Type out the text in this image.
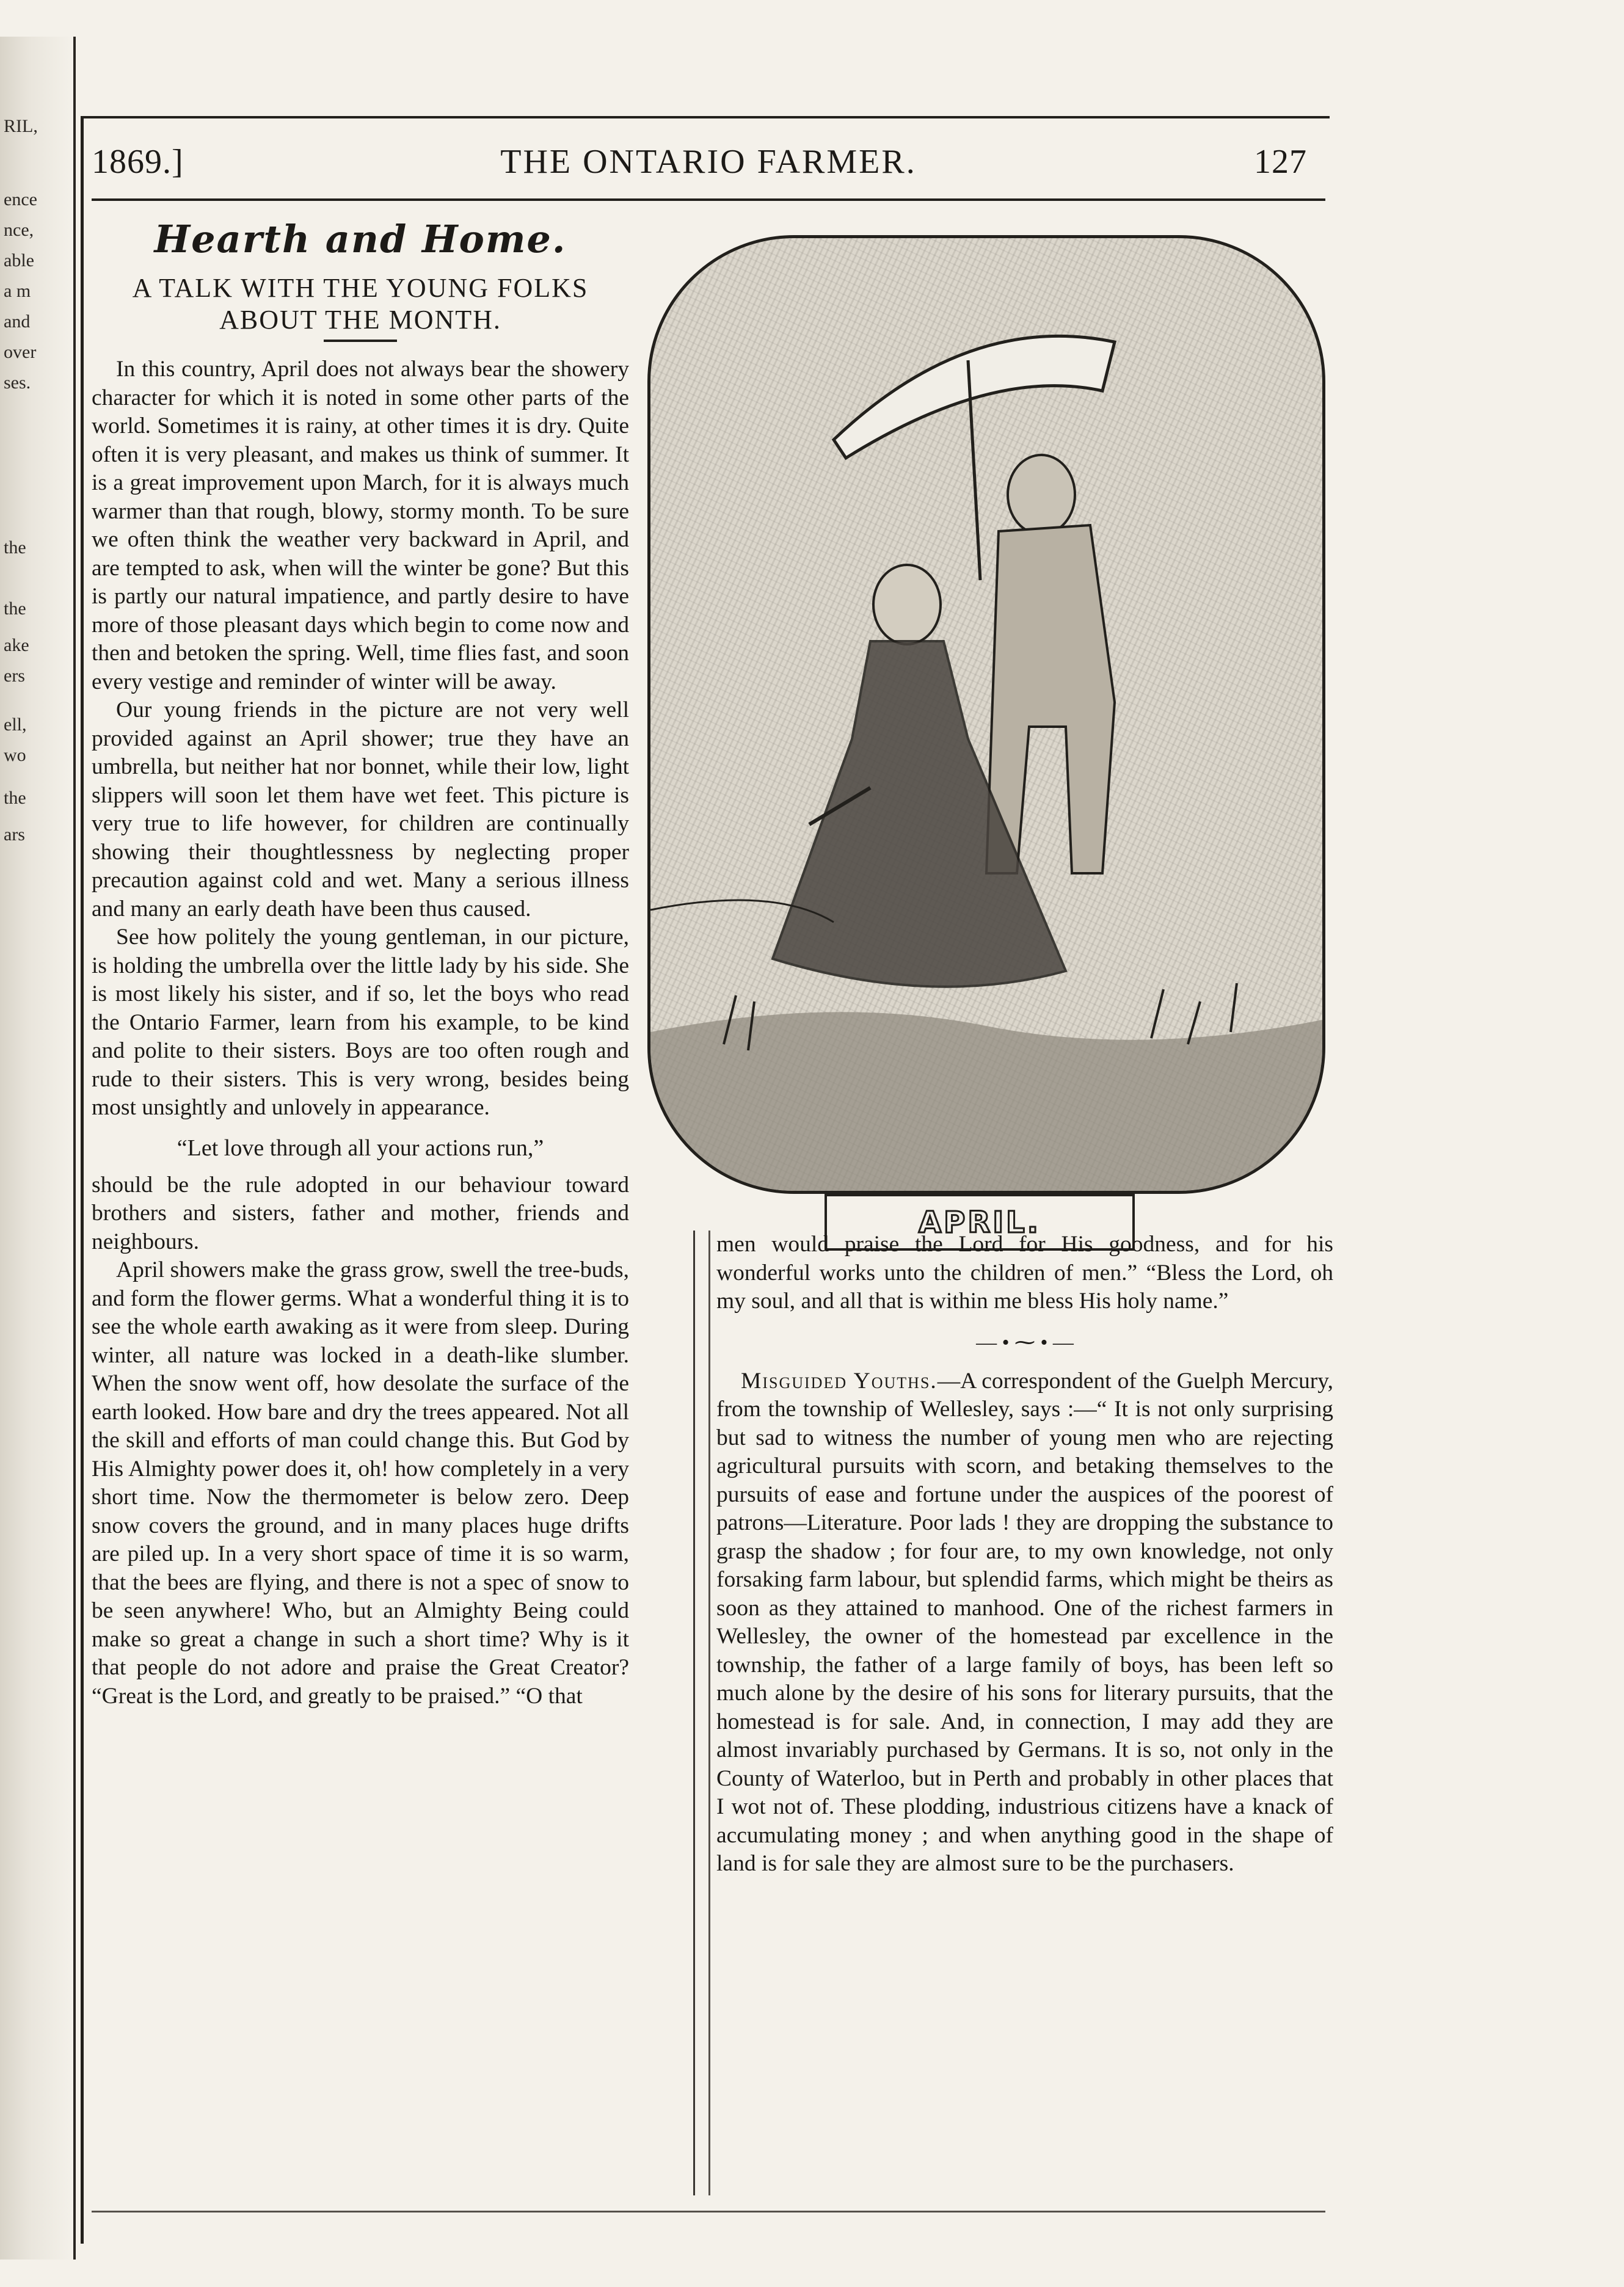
RIL,
ence
nce,
able
a m
and
over
ses.
the
the
ake
ers
ell,
wo
the
ars
1869.]	THE ONTARIO FARMER.	127
Hearth and Home.
A TALK WITH THE YOUNG FOLKS ABOUT THE MONTH.

In this country, April does not always bear the showery character for which it is noted in some other parts of the world. Sometimes it is rainy, at other times it is dry. Quite often it is very pleasant, and makes us think of summer. It is a great improvement upon March, for it is always much warmer than that rough, blowy, stormy month. To be sure we often think the weather very backward in April, and are tempted to ask, when will the winter be gone? But this is partly our natural impatience, and partly desire to have more of those pleasant days which begin to come now and then and betoken the spring. Well, time flies fast, and soon every vestige and reminder of winter will be away.

Our young friends in the picture are not very well provided against an April shower; true they have an umbrella, but neither hat nor bonnet, while their low, light slippers will soon let them have wet feet. This picture is very true to life however, for children are continually showing their thoughtlessness by neglecting proper precaution against cold and wet. Many a serious illness and many an early death have been thus caused.

See how politely the young gentleman, in our picture, is holding the umbrella over the little lady by his side. She is most likely his sister, and if so, let the boys who read the Ontario Farmer, learn from his example, to be kind and polite to their sisters. Boys are too often rough and rude to their sisters. This is very wrong, besides being most unsightly and unlovely in appearance.

“Let love through all your actions run,”

should be the rule adopted in our behaviour toward brothers and sisters, father and mother, friends and neighbours.

April showers make the grass grow, swell the tree-buds, and form the flower germs. What a wonderful thing it is to see the whole earth awaking as it were from sleep. During winter, all nature was locked in a death-like slumber. When the snow went off, how desolate the surface of the earth looked. How bare and dry the trees appeared. Not all the skill and efforts of man could change this. But God by His Almighty power does it, oh! how completely in a very short time. Now the thermometer is below zero. Deep snow covers the ground, and in many places huge drifts are piled up. In a very short space of time it is so warm, that the bees are flying, and there is not a spec of snow to be seen anywhere! Who, but an Almighty Being could make so great a change in such a short time? Why is it that people do not adore and praise the Great Creator? “Great is the Lord, and greatly to be praised.” “O that

APRIL.

men would praise the Lord for His goodness, and for his wonderful works unto the children of men.” “Bless the Lord, oh my soul, and all that is within me bless His holy name.”

— • ⁓ • —

Misguided Youths.—A correspondent of the Guelph Mercury, from the township of Wellesley, says :—“ It is not only surprising but sad to witness the number of young men who are rejecting agricultural pursuits with scorn, and betaking themselves to the pursuits of ease and fortune under the auspices of the poorest of patrons—Literature. Poor lads ! they are dropping the substance to grasp the shadow ; for four are, to my own knowledge, not only forsaking farm labour, but splendid farms, which might be theirs as soon as they attained to manhood. One of the richest farmers in Wellesley, the owner of the homestead par excellence in the township, the father of a large family of boys, has been left so much alone by the desire of his sons for literary pursuits, that the homestead is for sale. And, in connection, I may add they are almost invariably purchased by Germans. It is so, not only in the County of Waterloo, but in Perth and probably in other places that I wot not of. These plodding, industrious citizens have a knack of accumulating money ; and when anything good in the shape of land is for sale they are almost sure to be the purchasers.
